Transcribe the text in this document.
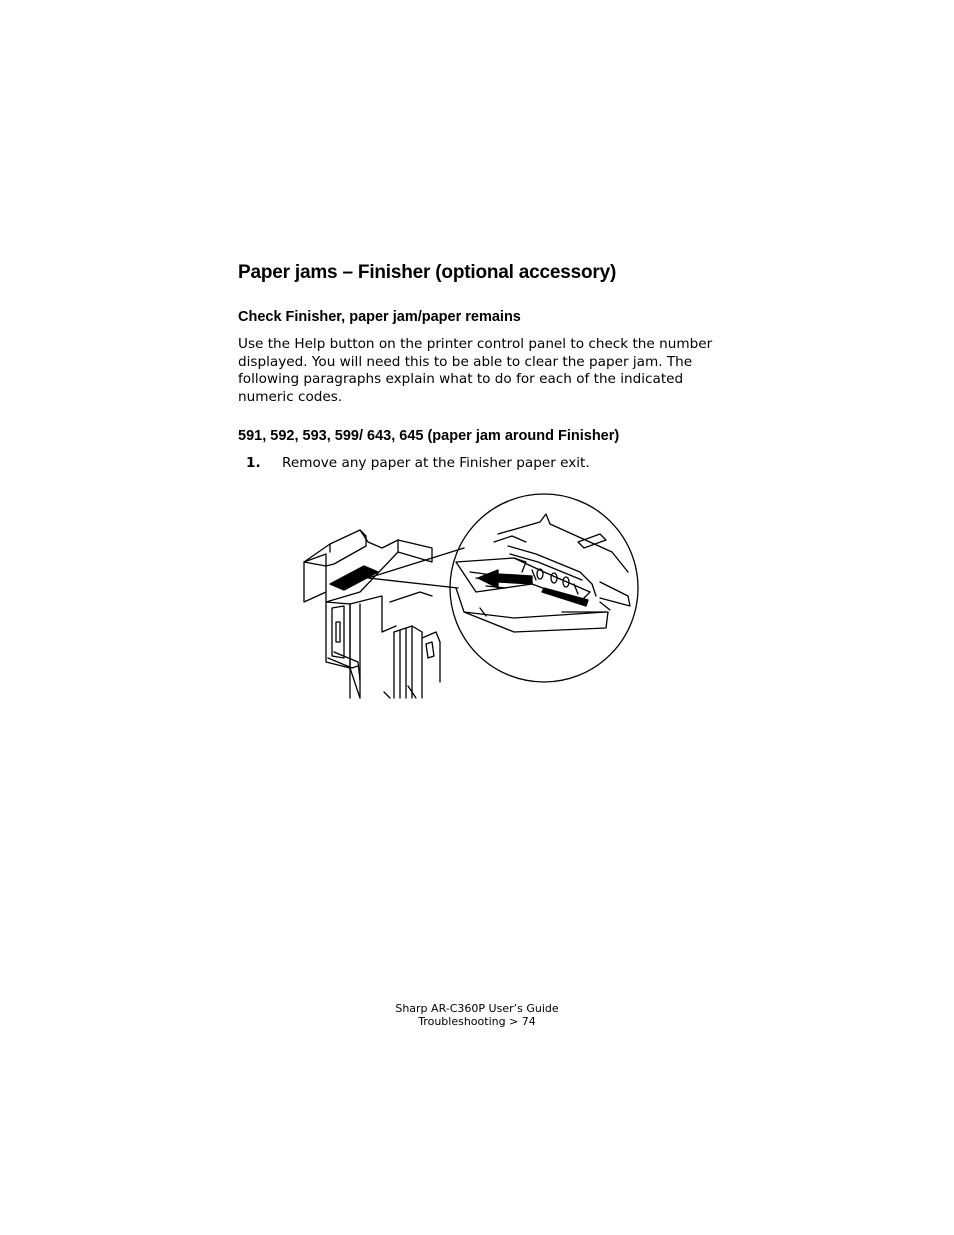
Paper jams – Finisher (optional accessory)
Check Finisher, paper jam/paper remains

Use the Help button on the printer control panel to check the number displayed. You will need this to be able to clear the paper jam. The following paragraphs explain what to do for each of the indicated numeric codes.

591, 592, 593, 599/ 643, 645 (paper jam around Finisher)
1. Remove any paper at the Finisher paper exit.
Sharp AR-C360P User’s Guide
Troubleshooting > 74
